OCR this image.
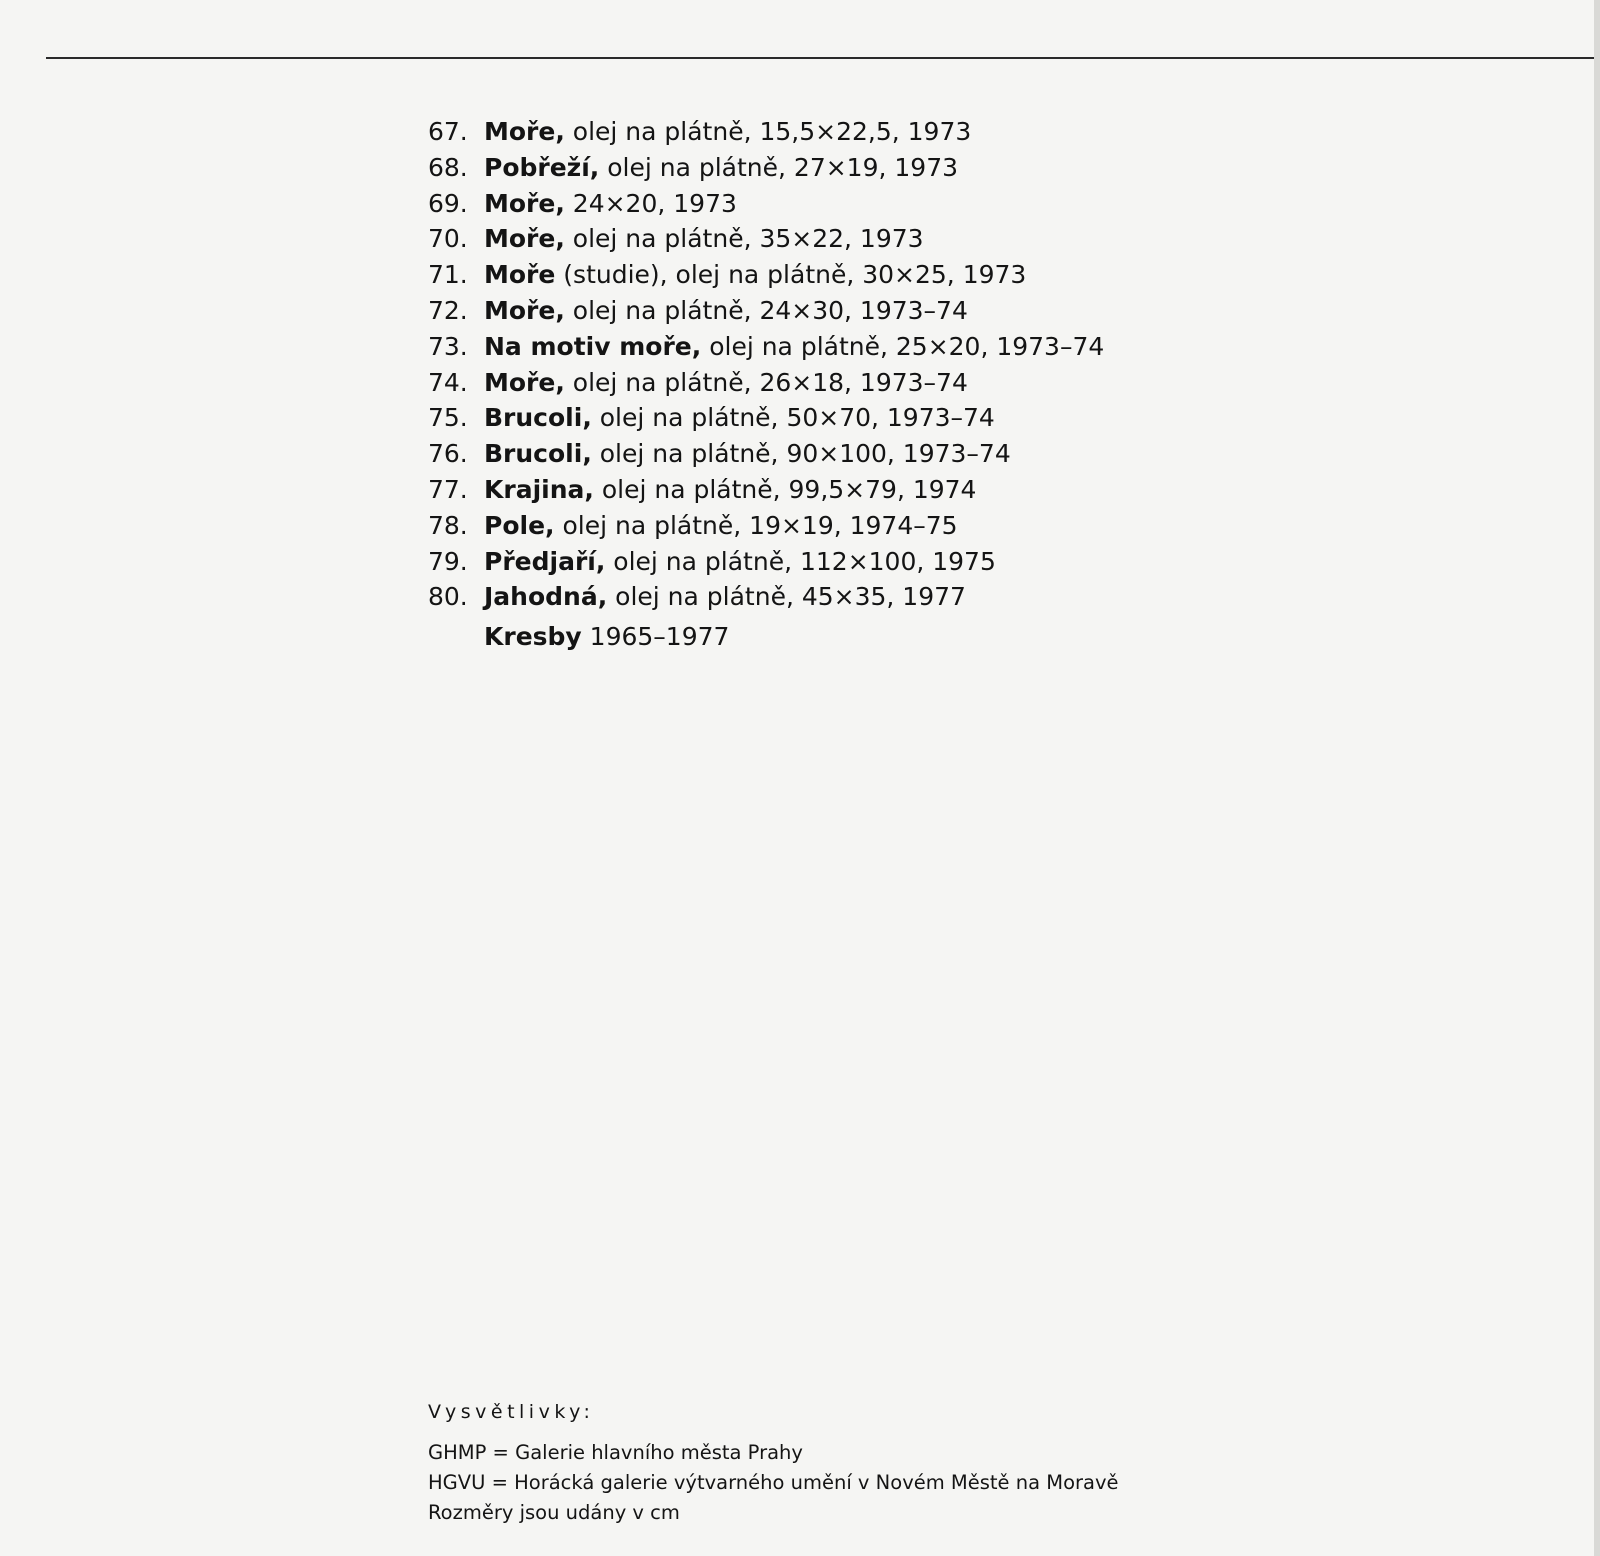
67. Moře, olej na plátně, 15,5×22,5, 1973
68. Pobřeží, olej na plátně, 27×19, 1973
69. Moře, 24×20, 1973
70. Moře, olej na plátně, 35×22, 1973
71. Moře (studie), olej na plátně, 30×25, 1973
72. Moře, olej na plátně, 24×30, 1973–74
73. Na motiv moře, olej na plátně, 25×20, 1973–74
74. Moře, olej na plátně, 26×18, 1973–74
75. Brucoli, olej na plátně, 50×70, 1973–74
76. Brucoli, olej na plátně, 90×100, 1973–74
77. Krajina, olej na plátně, 99,5×79, 1974
78. Pole, olej na plátně, 19×19, 1974–75
79. Předjaří, olej na plátně, 112×100, 1975
80. Jahodná, olej na plátně, 45×35, 1977
Kresby 1965–1977
Vysvětlivky:
GHMP = Galerie hlavního města Prahy
HGVU = Horácká galerie výtvarného umění v Novém Městě na Moravě
Rozměry jsou udány v cm
